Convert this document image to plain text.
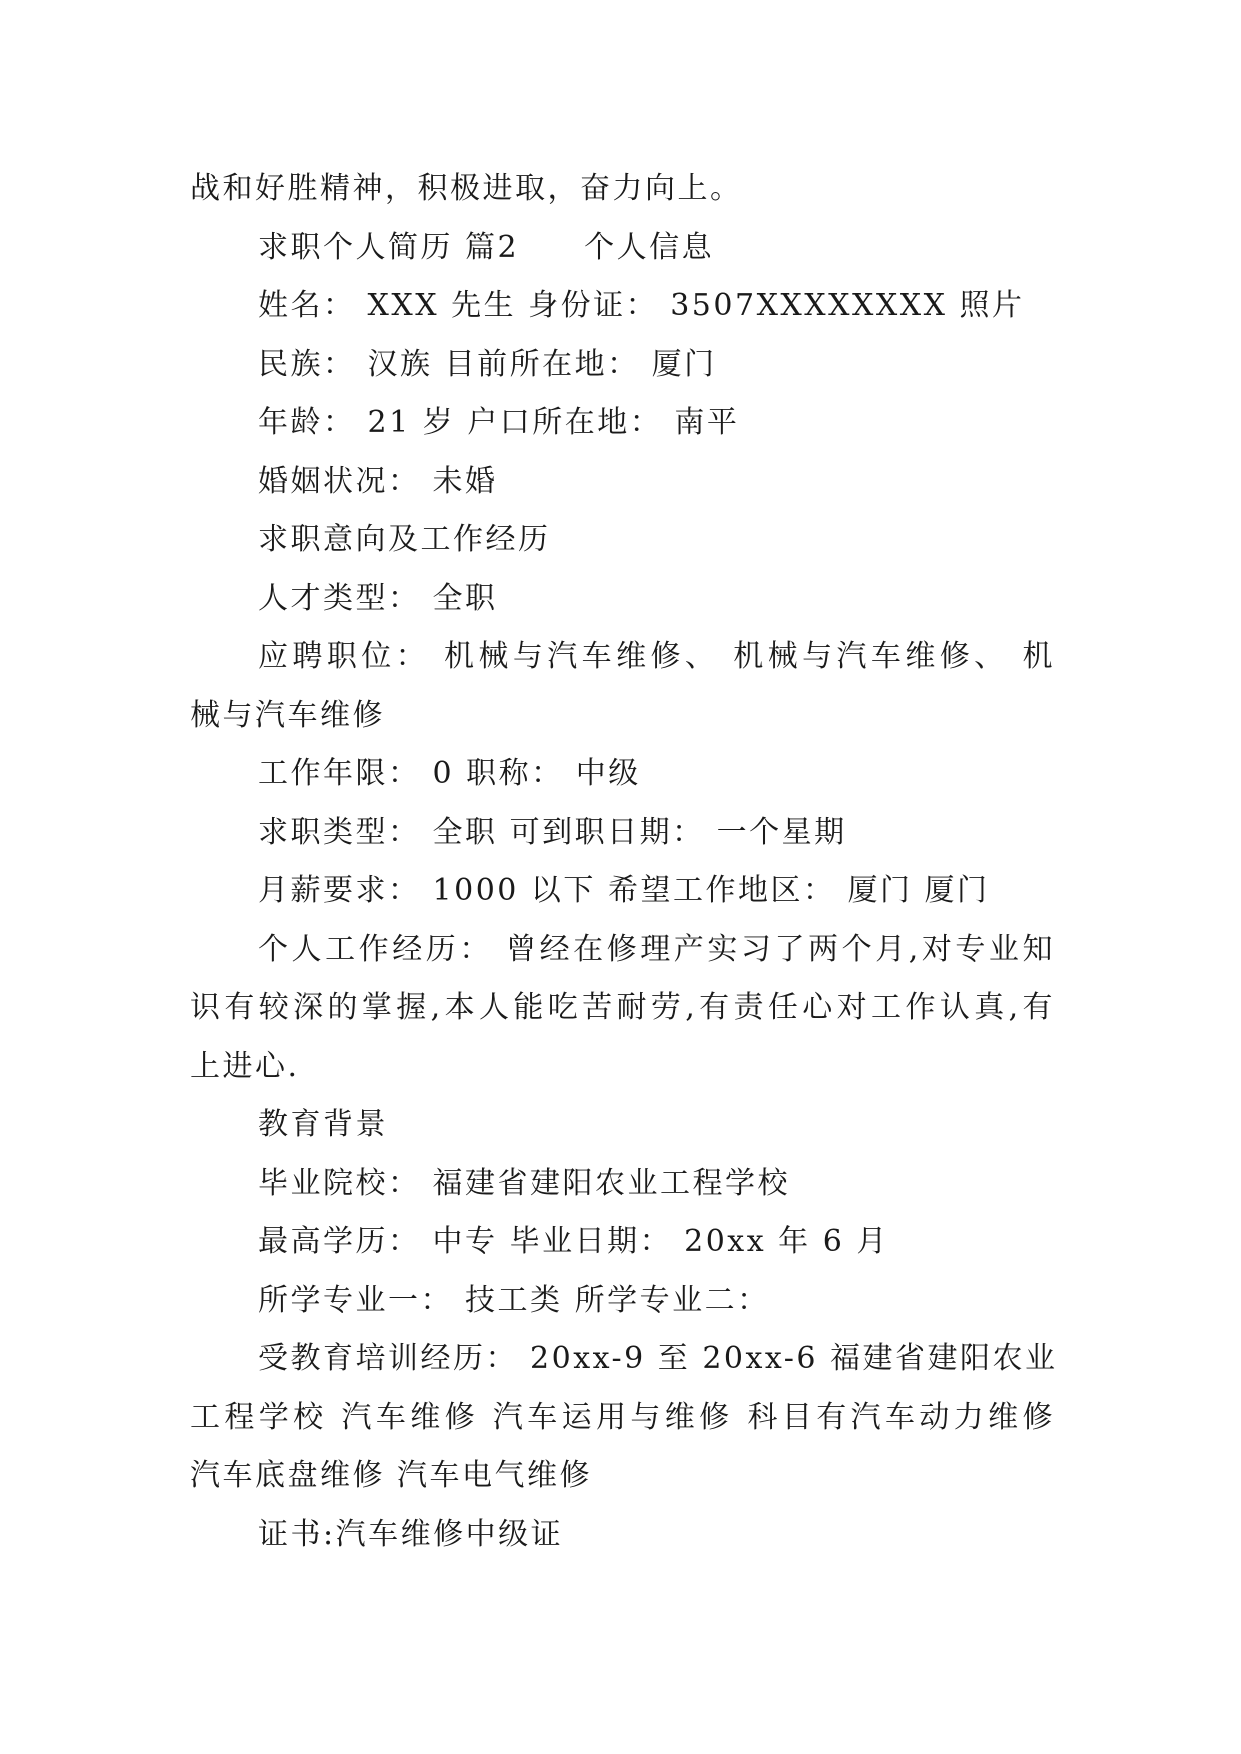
战和好胜精神，积极进取，奋力向上。
求职个人简历 篇2　　个人信息
姓名： XXX 先生 身份证： 3507XXXXXXXX 照片
民族： 汉族 目前所在地： 厦门
年龄： 21 岁 户口所在地： 南平
婚姻状况： 未婚
求职意向及工作经历
人才类型： 全职
应聘职位： 机械与汽车维修、 机械与汽车维修、 机
械与汽车维修
工作年限： 0 职称： 中级
求职类型： 全职 可到职日期： 一个星期
月薪要求： 1000 以下 希望工作地区： 厦门 厦门
个人工作经历： 曾经在修理产实习了两个月,对专业知
识有较深的掌握,本人能吃苦耐劳,有责任心对工作认真,有
上进心.
教育背景
毕业院校： 福建省建阳农业工程学校
最高学历： 中专 毕业日期： 20xx 年 6 月
所学专业一： 技工类 所学专业二：
受教育培训经历： 20xx-9 至 20xx-6 福建省建阳农业
工程学校 汽车维修 汽车运用与维修 科目有汽车动力维修
汽车底盘维修 汽车电气维修
证书:汽车维修中级证
